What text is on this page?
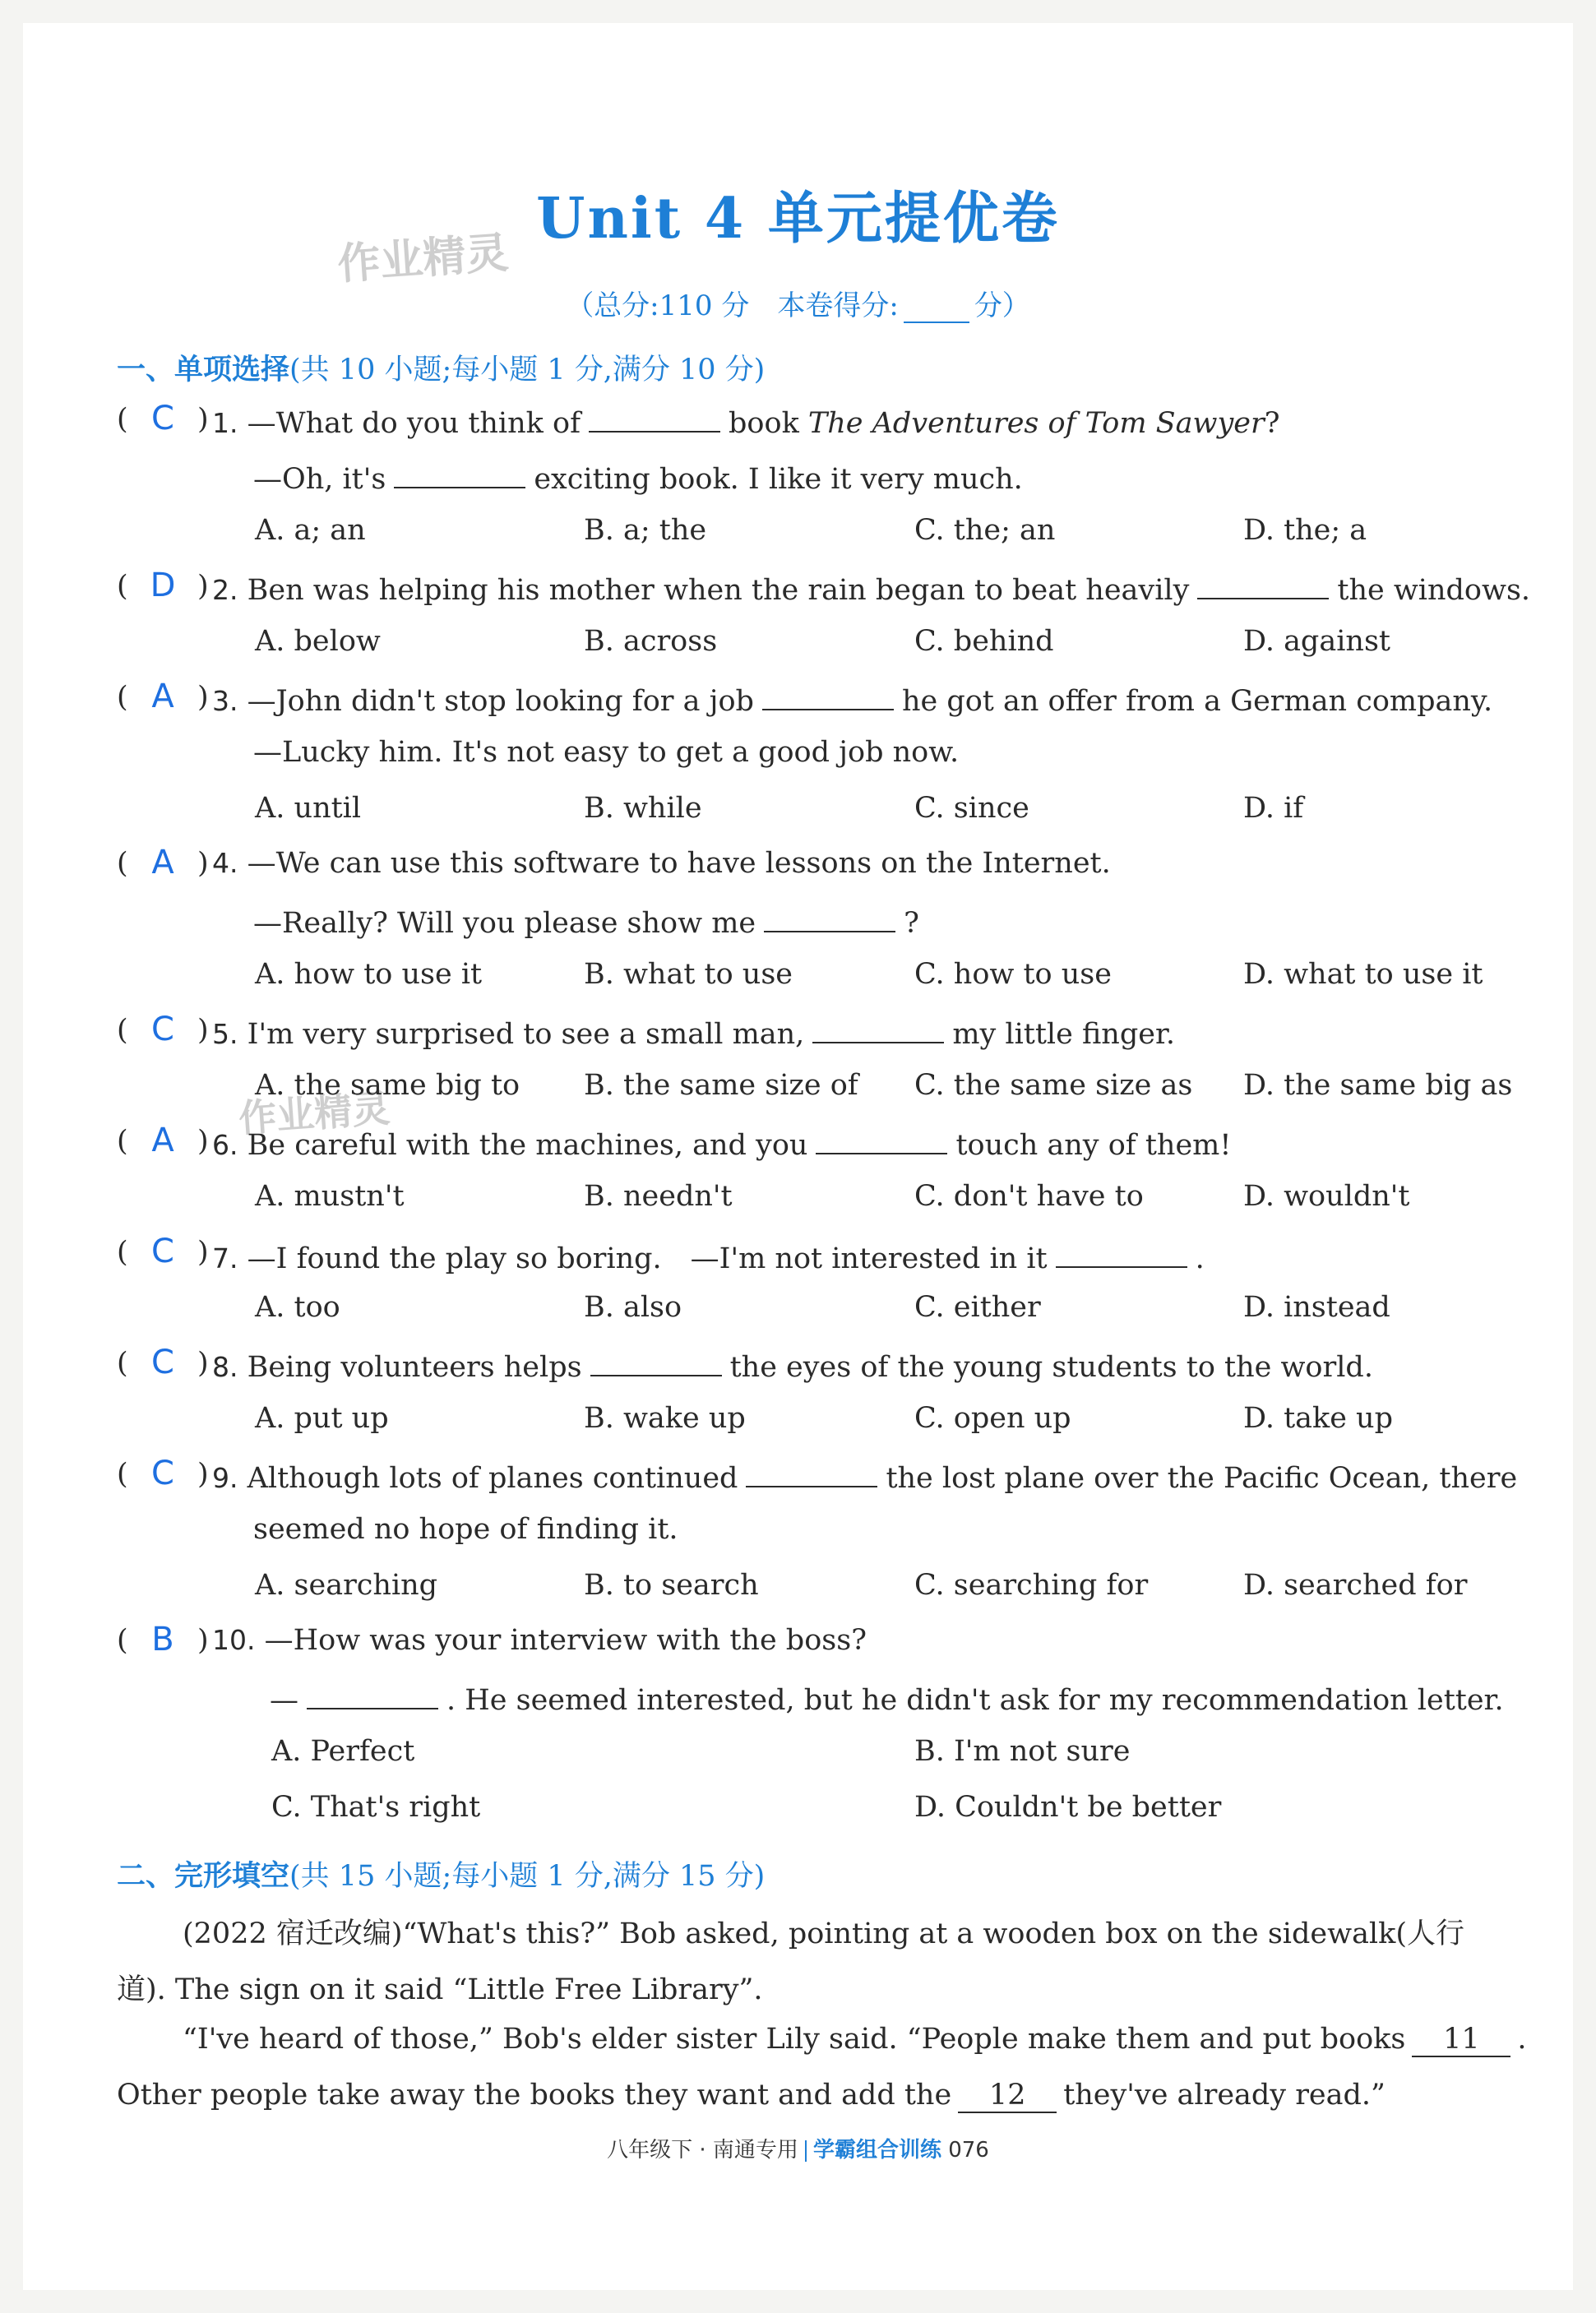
Unit 4 单元提优卷
作业精灵
作业精灵
（总分:110 分　本卷得分:	分）
一、单项选择(共 10 小题;每小题 1 分,满分 10 分)
( C ) 1. —What do you think of	book The Adventures of Tom Sawyer?
—Oh, it's	exciting book. I like it very much.
A. a; an	B. a; the	C. the; an	D. the; a
( D ) 2. Ben was helping his mother when the rain began to beat heavily	the windows.
A. below	B. across	C. behind	D. against
( A ) 3. —John didn't stop looking for a job	he got an offer from a German company.
—Lucky him. It's not easy to get a good job now.
A. until	B. while	C. since	D. if
( A ) 4. —We can use this software to have lessons on the Internet.
—Really? Will you please show me	?
A. how to use it	B. what to use	C. how to use	D. what to use it
( C ) 5. I'm very surprised to see a small man,	my little finger.
A. the same big to B. the same size of C. the same size as D. the same big as
( A ) 6. Be careful with the machines, and you	touch any of them!
A. mustn't	B. needn't	C. don't have to	D. wouldn't
( C ) 7. —I found the play so boring.　—I'm not interested in it	.
A. too	B. also	C. either	D. instead
( C ) 8. Being volunteers helps	the eyes of the young students to the world.
A. put up	B. wake up	C. open up	D. take up
( C ) 9. Although lots of planes continued	the lost plane over the Pacific Ocean, there
seemed no hope of finding it.
A. searching	B. to search	C. searching for	D. searched for
( B ) 10. —How was your interview with the boss?
—	. He seemed interested, but he didn't ask for my recommendation letter.
A. Perfect	B. I'm not sure
C. That's right	D. Couldn't be better
二、完形填空(共 15 小题;每小题 1 分,满分 15 分)
(2022 宿迁改编)“What's this?” Bob asked, pointing at a wooden box on the sidewalk(人行
道). The sign on it said “Little Free Library”.
“I've heard of those,” Bob's elder sister Lily said. “People make them and put books 11 .
Other people take away the books they want and add the 12 they've already read.”
八年级下 · 南通专用 学霸组合训练 076
